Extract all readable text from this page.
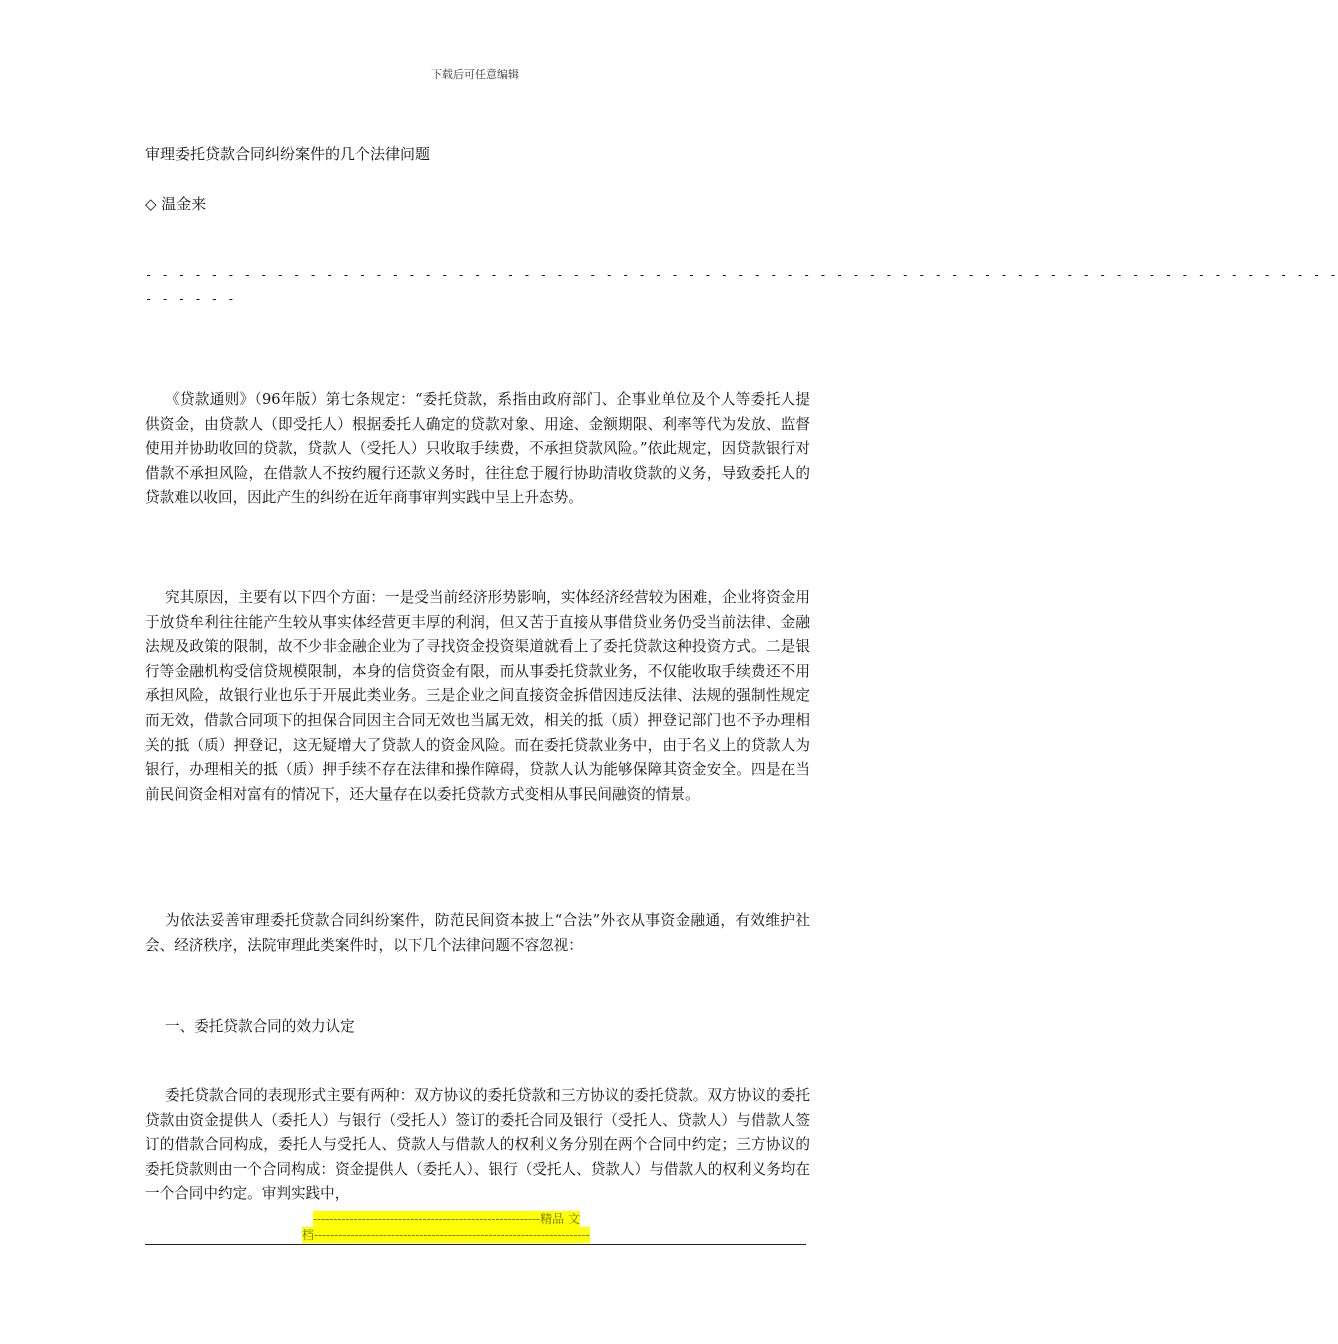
下载后可任意编辑
审理委托贷款合同纠纷案件的几个法律问题
◇ 温金来
- - - - - - - - - - - - - - - - - - - - - - - - - - - - - - - - - - - - - - - - - - - - - - - - - - - - - - - - - - - - - - - - - - - - - - - - -
- - - - - -

《贷款通则》（96年版）第七条规定：“委托贷款，系指由政府部门、企事业单位及个人等委托人提供资金，由贷款人（即受托人）根据委托人确定的贷款对象、用途、金额期限、利率等代为发放、监督使用并协助收回的贷款，贷款人（受托人）只收取手续费，不承担贷款风险。”依此规定，因贷款银行对借款不承担风险，在借款人不按约履行还款义务时，往往怠于履行协助清收贷款的义务，导致委托人的贷款难以收回，因此产生的纠纷在近年商事审判实践中呈上升态势。

究其原因，主要有以下四个方面：一是受当前经济形势影响，实体经济经营较为困难，企业将资金用于放贷牟利往往能产生较从事实体经营更丰厚的利润，但又苦于直接从事借贷业务仍受当前法律、金融法规及政策的限制，故不少非金融企业为了寻找资金投资渠道就看上了委托贷款这种投资方式。二是银行等金融机构受信贷规模限制，本身的信贷资金有限，而从事委托贷款业务，不仅能收取手续费还不用承担风险，故银行业也乐于开展此类业务。三是企业之间直接资金拆借因违反法律、法规的强制性规定而无效，借款合同项下的担保合同因主合同无效也当属无效，相关的抵（质）押登记部门也不予办理相关的抵（质）押登记，这无疑增大了贷款人的资金风险。而在委托贷款业务中，由于名义上的贷款人为银行，办理相关的抵（质）押手续不存在法律和操作障碍，贷款人认为能够保障其资金安全。四是在当前民间资金相对富有的情况下，还大量存在以委托贷款方式变相从事民间融资的情景。

为依法妥善审理委托贷款合同纠纷案件，防范民间资本披上“合法”外衣从事资金融通，有效维护社会、经济秩序，法院审理此类案件时，以下几个法律问题不容忽视：

一、委托贷款合同的效力认定

委托贷款合同的表现形式主要有两种：双方协议的委托贷款和三方协议的委托贷款。双方协议的委托贷款由资金提供人（委托人）与银行（受托人）签订的委托合同及银行（受托人、贷款人）与借款人签订的借款合同构成，委托人与受托人、贷款人与借款人的权利义务分别在两个合同中约定；三方协议的委托贷款则由一个合同构成：资金提供人（委托人）、银行（受托人、贷款人）与借款人的权利义务均在一个合同中约定。审判实践中，

--------------------------------------------------------精品 文
档--------------------------------------------------------------------
